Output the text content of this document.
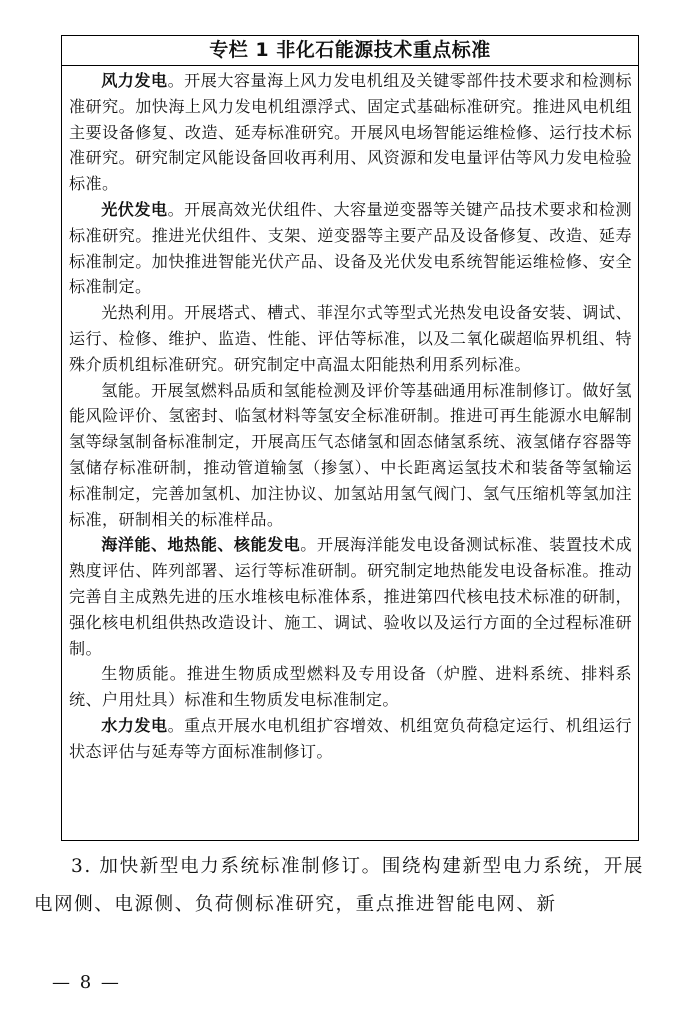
专栏 1 非化石能源技术重点标准

风力发电。开展大容量海上风力发电机组及关键零部件技术要求和检测标准研究。加快海上风力发电机组漂浮式、固定式基础标准研究。推进风电机组主要设备修复、改造、延寿标准研究。开展风电场智能运维检修、运行技术标准研究。研究制定风能设备回收再利用、风资源和发电量评估等风力发电检验标准。

光伏发电。开展高效光伏组件、大容量逆变器等关键产品技术要求和检测标准研究。推进光伏组件、支架、逆变器等主要产品及设备修复、改造、延寿标准制定。加快推进智能光伏产品、设备及光伏发电系统智能运维检修、安全标准制定。

光热利用。开展塔式、槽式、菲涅尔式等型式光热发电设备安装、调试、运行、检修、维护、监造、性能、评估等标准，以及二氧化碳超临界机组、特殊介质机组标准研究。研究制定中高温太阳能热利用系列标准。

氢能。开展氢燃料品质和氢能检测及评价等基础通用标准制修订。做好氢能风险评价、氢密封、临氢材料等氢安全标准研制。推进可再生能源水电解制氢等绿氢制备标准制定，开展高压气态储氢和固态储氢系统、液氢储存容器等氢储存标准研制，推动管道输氢（掺氢）、中长距离运氢技术和装备等氢输运标准制定，完善加氢机、加注协议、加氢站用氢气阀门、氢气压缩机等氢加注标准，研制相关的标准样品。

海洋能、地热能、核能发电。开展海洋能发电设备测试标准、装置技术成熟度评估、阵列部署、运行等标准研制。研究制定地热能发电设备标准。推动完善自主成熟先进的压水堆核电标准体系，推进第四代核电技术标准的研制，强化核电机组供热改造设计、施工、调试、验收以及运行方面的全过程标准研制。

生物质能。推进生物质成型燃料及专用设备（炉膛、进料系统、排料系统、户用灶具）标准和生物质发电标准制定。

水力发电。重点开展水电机组扩容增效、机组宽负荷稳定运行、机组运行状态评估与延寿等方面标准制修订。

3. 加快新型电力系统标准制修订。围绕构建新型电力系统，开展电网侧、电源侧、负荷侧标准研究，重点推进智能电网、新

— 8 —
